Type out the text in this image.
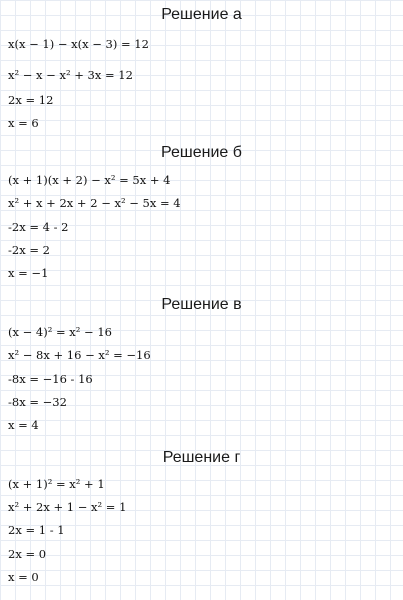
Решение а
x(x − 1) − x(x − 3) = 12
x² − x − x² + 3x = 12
2x = 12
x = 6
Решение б
(x + 1)(x + 2) − x² = 5x + 4
x² + x + 2x + 2 − x² − 5x = 4
-2x = 4 - 2
-2x = 2
x = −1
Решение в
(x − 4)² = x² − 16
x² − 8x + 16 − x² = −16
-8x = −16 - 16
-8x = −32
x = 4
Решение г
(x + 1)² = x² + 1
x² + 2x + 1 − x² = 1
2x = 1 - 1
2x = 0
x = 0
